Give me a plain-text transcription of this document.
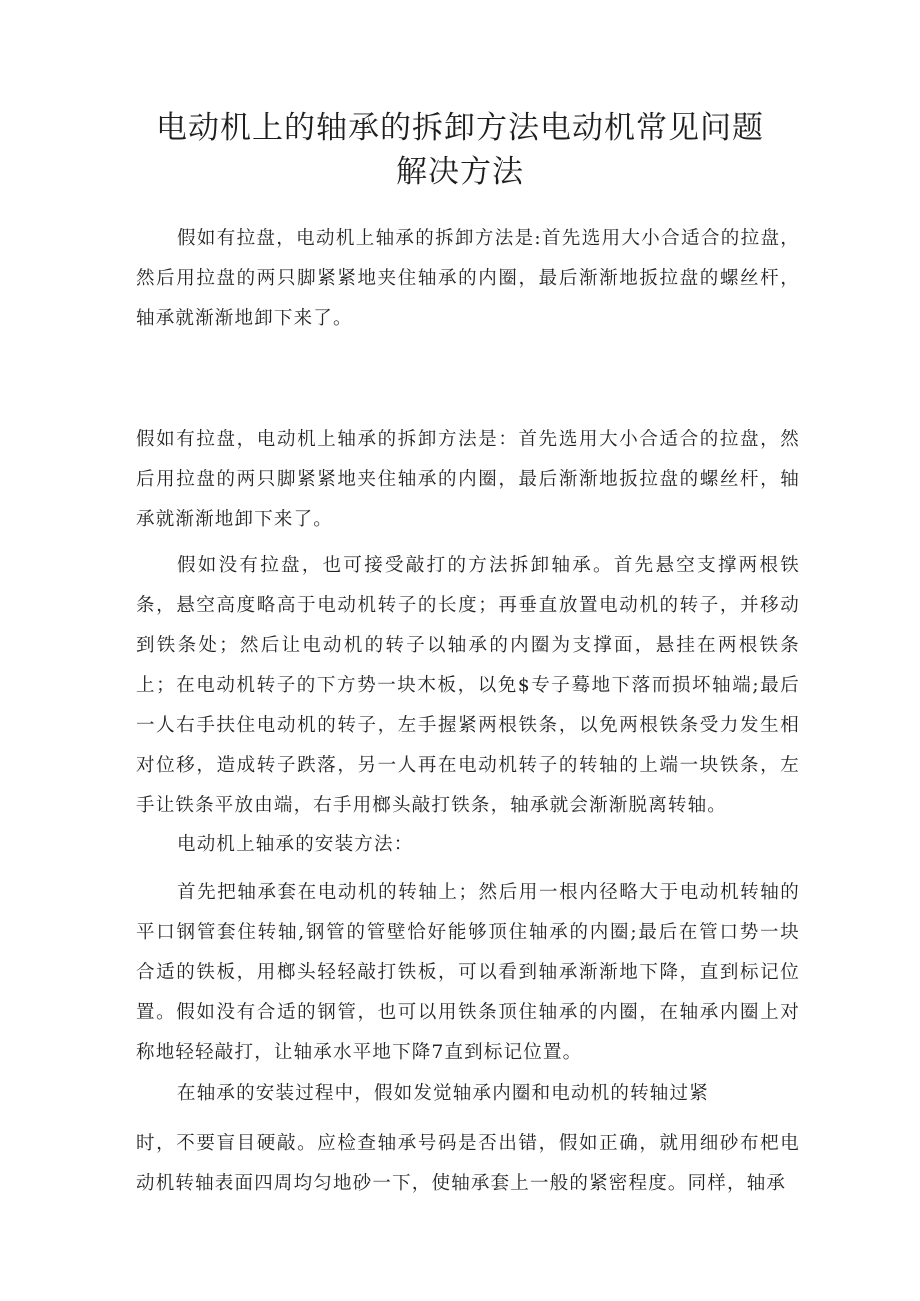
电动机上的轴承的拆卸方法电动机常见问题
解决方法

假如有拉盘，电动机上轴承的拆卸方法是:首先选用大小合适合的拉盘，然后用拉盘的两只脚紧紧地夹住轴承的内圈，最后渐渐地扳拉盘的螺丝杆，轴承就渐渐地卸下来了。

假如有拉盘，电动机上轴承的拆卸方法是：首先选用大小合适合的拉盘，然后用拉盘的两只脚紧紧地夹住轴承的内圈，最后渐渐地扳拉盘的螺丝杆，轴承就渐渐地卸下来了。

假如没有拉盘，也可接受敲打的方法拆卸轴承。首先悬空支撑两根铁条，悬空高度略高于电动机转子的长度；再垂直放置电动机的转子，并移动到铁条处；然后让电动机的转子以轴承的内圈为支撑面，悬挂在两根铁条上；在电动机转子的下方势一块木板，以免$专子蓦地下落而损坏轴端;最后一人右手扶住电动机的转子，左手握紧两根铁条，以免两根铁条受力发生相对位移，造成转子跌落，另一人再在电动机转子的转轴的上端一块铁条，左手让铁条平放由端，右手用榔头敲打铁条，轴承就会渐渐脱离转轴。

电动机上轴承的安装方法：

首先把轴承套在电动机的转轴上；然后用一根内径略大于电动机转轴的平口钢管套住转轴,钢管的管壁恰好能够顶住轴承的内圈;最后在管口势一块合适的铁板，用榔头轻轻敲打铁板，可以看到轴承渐渐地下降，直到标记位置。假如没有合适的钢管，也可以用铁条顶住轴承的内圈，在轴承内圈上对称地轻轻敲打，让轴承水平地下降7直到标记位置。

在轴承的安装过程中，假如发觉轴承内圈和电动机的转轴过紧

时，不要盲目硬敲。应检查轴承号码是否出错，假如正确，就用细砂布杷电动机转轴表面四周均匀地砂一下，使轴承套上一般的紧密程度。同样，轴承
